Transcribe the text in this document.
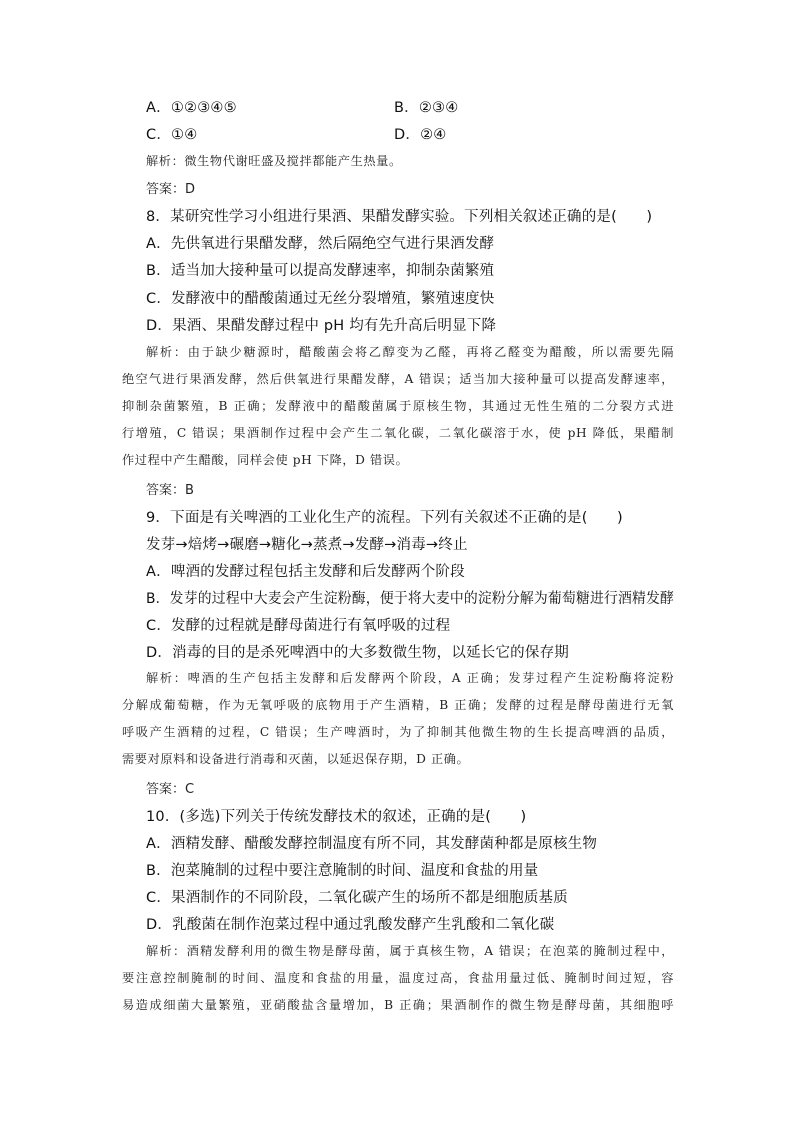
A．①②③④⑤	B．②③④
C．①④	D．②④
解析：微生物代谢旺盛及搅拌都能产生热量。
答案：D
8．某研究性学习小组进行果酒、果醋发酵实验。下列相关叙述正确的是(　　)
A．先供氧进行果醋发酵，然后隔绝空气进行果酒发酵
B．适当加大接种量可以提高发酵速率，抑制杂菌繁殖
C．发酵液中的醋酸菌通过无丝分裂增殖，繁殖速度快
D．果酒、果醋发酵过程中 pH 均有先升高后明显下降
解析：由于缺少糖源时，醋酸菌会将乙醇变为乙醛，再将乙醛变为醋酸，所以需要先隔
绝空气进行果酒发酵，然后供氧进行果醋发酵，A 错误；适当加大接种量可以提高发酵速率，
抑制杂菌繁殖，B 正确；发酵液中的醋酸菌属于原核生物，其通过无性生殖的二分裂方式进
行增殖，C 错误；果酒制作过程中会产生二氧化碳，二氧化碳溶于水，使 pH 降低，果醋制
作过程中产生醋酸，同样会使 pH 下降，D 错误。
答案：B
9．下面是有关啤酒的工业化生产的流程。下列有关叙述不正确的是(　　)
发芽→焙烤→碾磨→糖化→蒸煮→发酵→消毒→终止
A．啤酒的发酵过程包括主发酵和后发酵两个阶段
B．发芽的过程中大麦会产生淀粉酶，便于将大麦中的淀粉分解为葡萄糖进行酒精发酵
C．发酵的过程就是酵母菌进行有氧呼吸的过程
D．消毒的目的是杀死啤酒中的大多数微生物，以延长它的保存期
解析：啤酒的生产包括主发酵和后发酵两个阶段，A 正确；发芽过程产生淀粉酶将淀粉
分解成葡萄糖，作为无氧呼吸的底物用于产生酒精，B 正确；发酵的过程是酵母菌进行无氧
呼吸产生酒精的过程，C 错误；生产啤酒时，为了抑制其他微生物的生长提高啤酒的品质，
需要对原料和设备进行消毒和灭菌，以延迟保存期，D 正确。
答案：C
10．(多选)下列关于传统发酵技术的叙述，正确的是(　　)
A．酒精发酵、醋酸发酵控制温度有所不同，其发酵菌种都是原核生物
B．泡菜腌制的过程中要注意腌制的时间、温度和食盐的用量
C．果酒制作的不同阶段，二氧化碳产生的场所不都是细胞质基质
D．乳酸菌在制作泡菜过程中通过乳酸发酵产生乳酸和二氧化碳
解析：酒精发酵利用的微生物是酵母菌，属于真核生物，A 错误；在泡菜的腌制过程中，
要注意控制腌制的时间、温度和食盐的用量，温度过高，食盐用量过低、腌制时间过短，容
易造成细菌大量繁殖，亚硝酸盐含量增加，B 正确；果酒制作的微生物是酵母菌，其细胞呼
